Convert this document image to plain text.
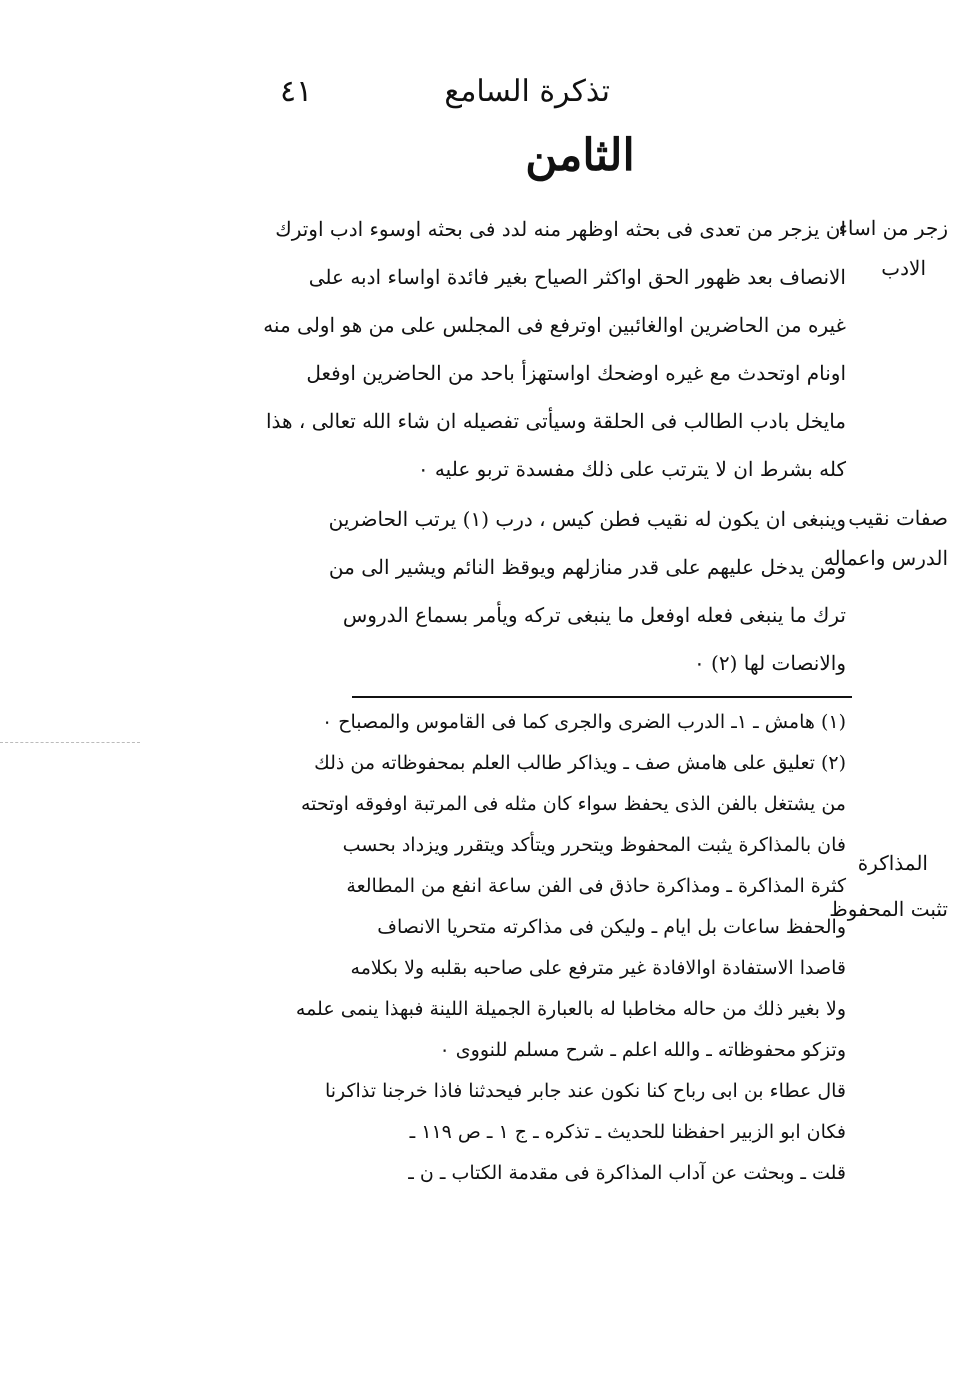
تذكرة السامع
٤١
الثامن
زجر من اساء
الادب
صفات نقيب
الدرس واعماله
المذاكرة
تثبت المحفوظ
ان يزجر من تعدى فى بحثه اوظهر منه لدد فى بحثه اوسوء ادب اوترك
الانصاف بعد ظهور الحق اواكثر الصياح بغير فائدة اواساء ادبه على
غيره من الحاضرين اوالغائبين اوترفع فى المجلس على من هو اولى منه
اونام اوتحدث مع غيره اوضحك اواستهزأ باحد من الحاضرين اوفعل
مايخل بادب الطالب فى الحلقة وسيأتى تفصيله ان شاء الله تعالى ، هذا
كله بشرط ان لا يترتب على ذلك مفسدة تربو عليه ٠
وينبغى ان يكون له نقيب فطن كيس ، درب (١) يرتب الحاضرين
ومن يدخل عليهم على قدر منازلهم ويوقظ النائم ويشير الى من
ترك ما ينبغى فعله اوفعل ما ينبغى تركه ويأمر بسماع الدروس
والانصات لها (٢) ٠
(١) هامش ـ ١ـ الدرب الضرى والجرى كما فى القاموس والمصباح ٠
(٢) تعليق على هامش صف ـ ويذاكر طالب العلم بمحفوظاته من ذلك
من يشتغل بالفن الذى يحفظ سواء كان مثله فى المرتبة اوفوقه اوتحته
فان بالمذاكرة يثبت المحفوظ ويتحرر ويتأكد ويتقرر ويزداد بحسب
كثرة المذاكرة ـ ومذاكرة حاذق فى الفن ساعة انفع من المطالعة
والحفظ ساعات بل ايام ـ وليكن فى مذاكرته متحريا الانصاف
قاصدا الاستفادة اوالافادة غير مترفع على صاحبه بقلبه ولا بكلامه
ولا بغير ذلك من حاله مخاطبا له بالعبارة الجميلة اللينة فبهذا ينمى علمه
وتزكو محفوظاته ـ والله اعلم ـ شرح مسلم للنووى ٠
قال عطاء بن ابى رباح كنا نكون عند جابر فيحدثنا فاذا خرجنا تذاكرنا
فكان ابو الزبير احفظنا للحديث ـ تذكره ـ ج ١ ـ ص ١١٩ ـ
قلت ـ وبحثت عن آداب المذاكرة فى مقدمة الكتاب ـ ن ـ
